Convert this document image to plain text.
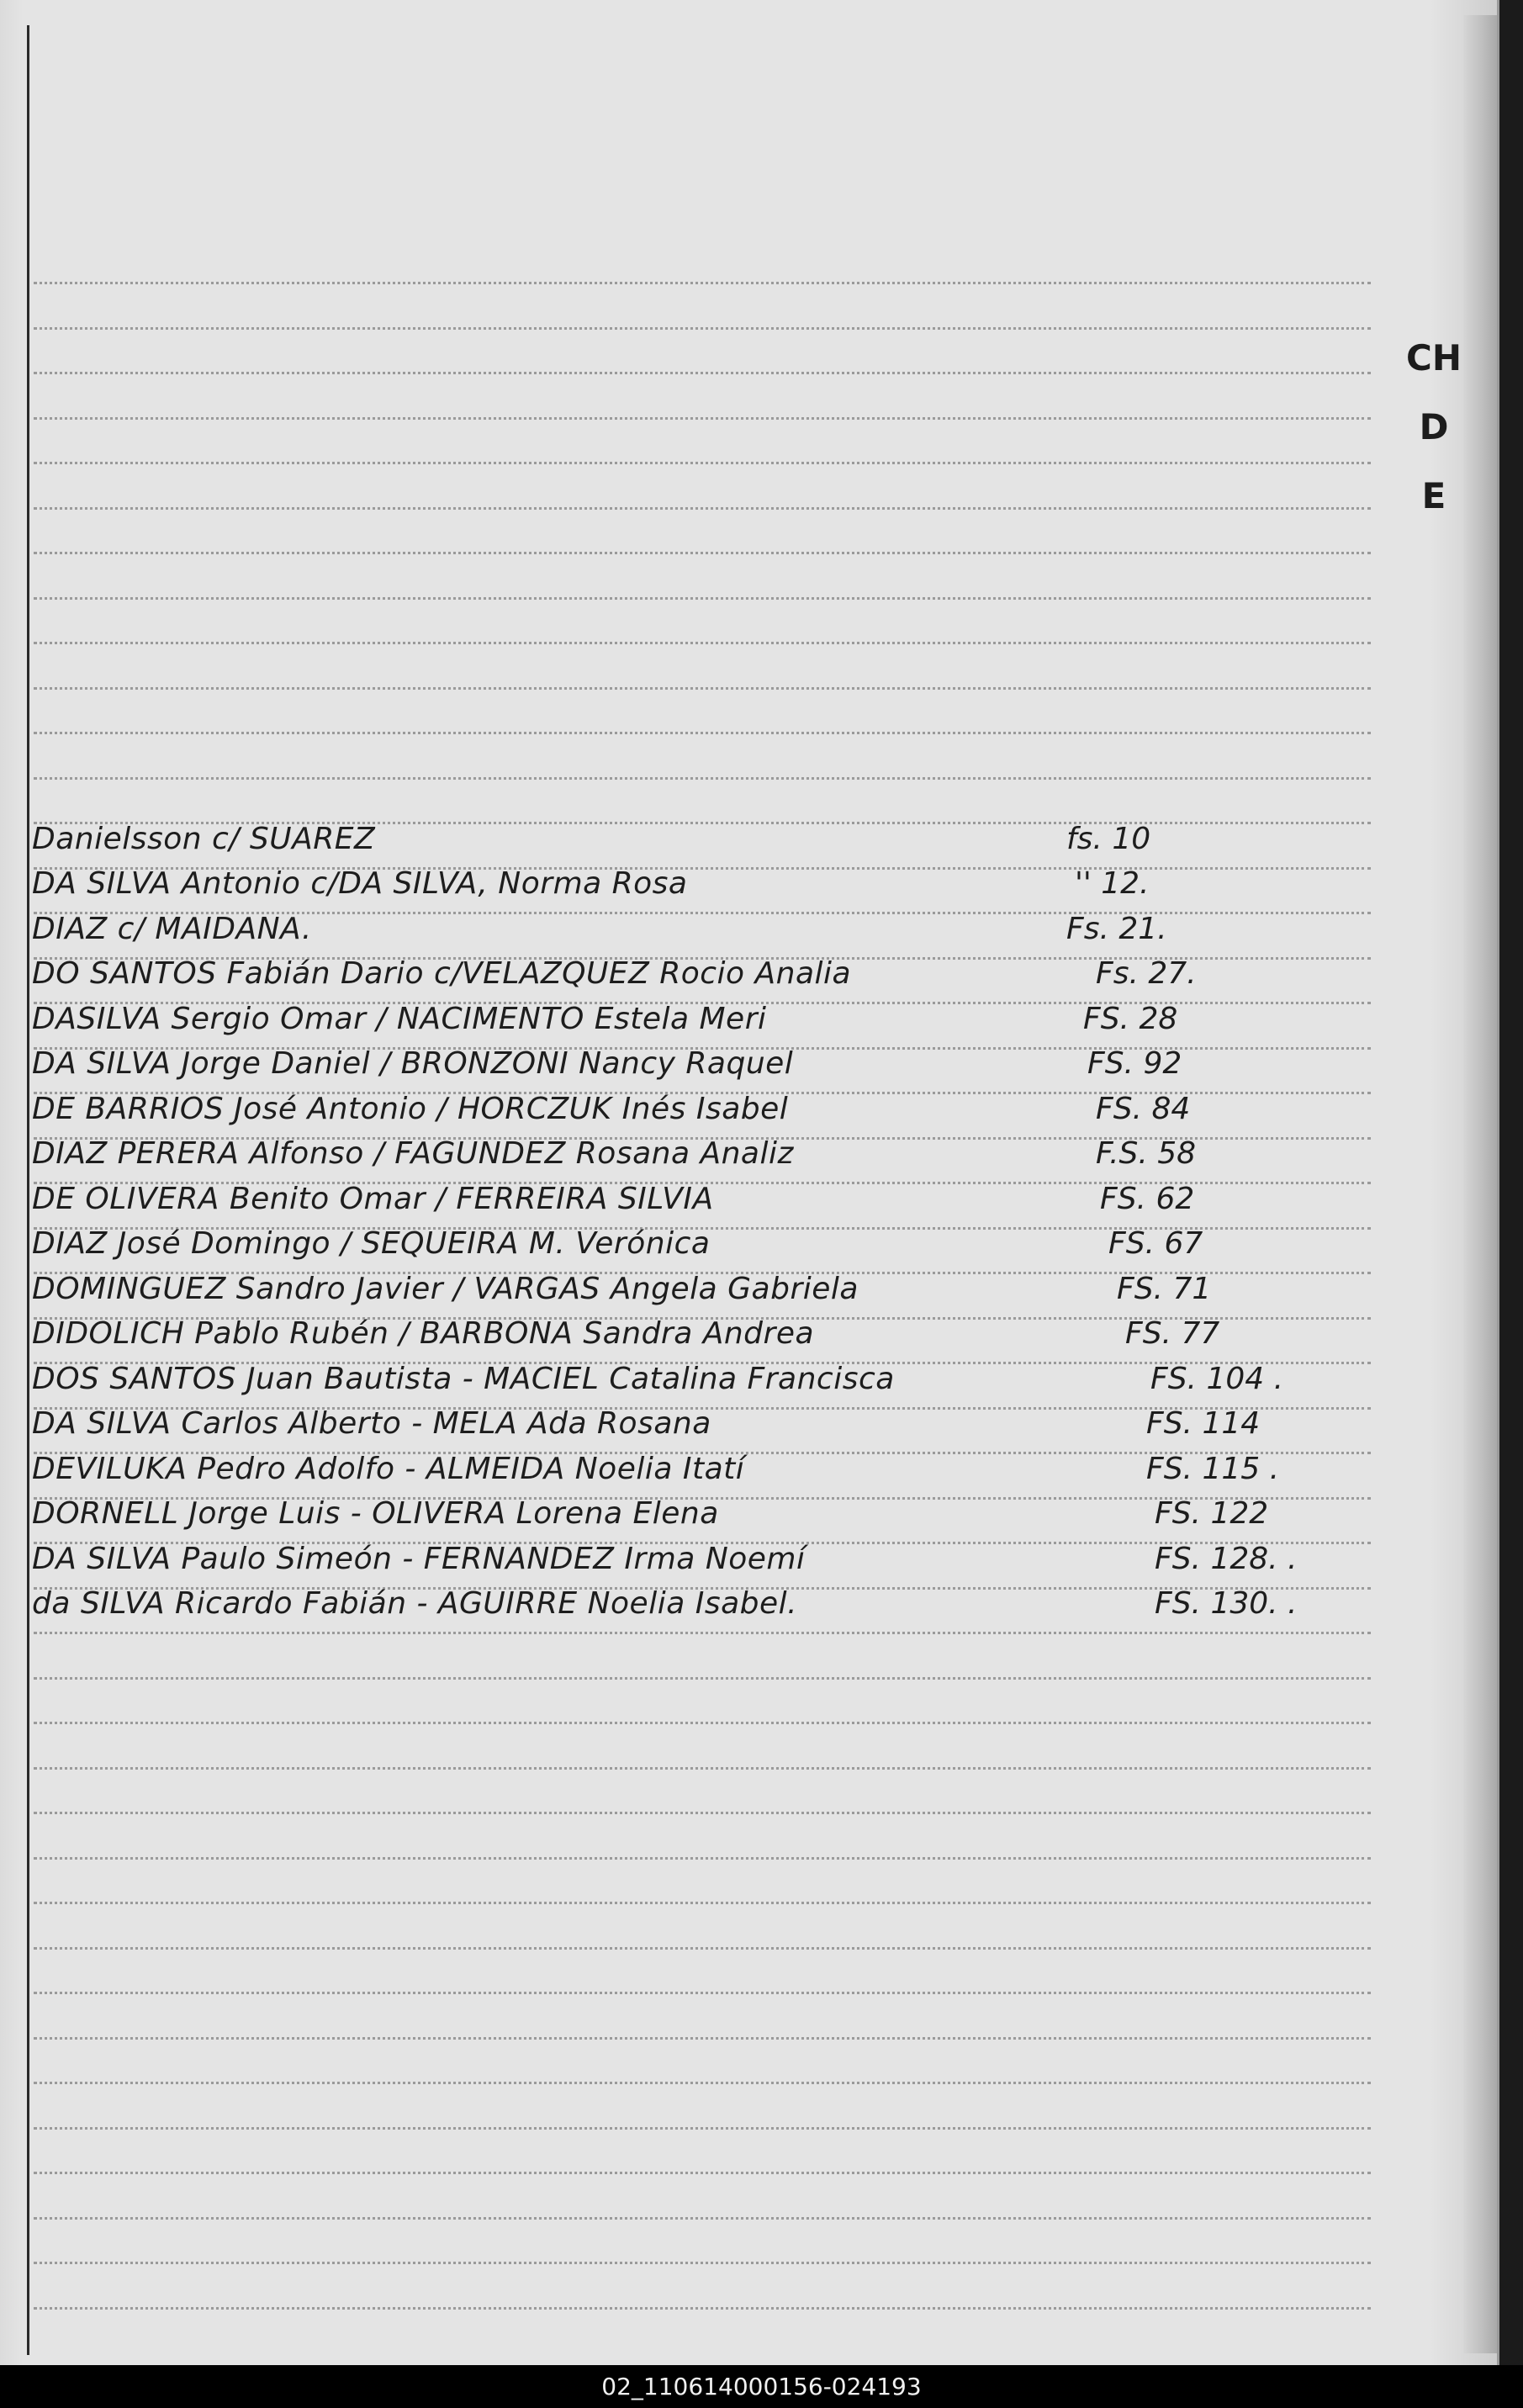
CH
D
E
Danielsson c/ SUAREZ	fs. 10
DA SILVA Antonio c/DA SILVA, Norma Rosa	'' 12.
DIAZ c/ MAIDANA.	Fs. 21.
DO SANTOS Fabián Dario c/VELAZQUEZ Rocio Analia	Fs. 27.
DASILVA Sergio Omar / NACIMENTO Estela Meri	FS. 28
DA SILVA Jorge Daniel / BRONZONI Nancy Raquel	FS. 92
DE BARRIOS José Antonio / HORCZUK Inés Isabel	FS. 84
DIAZ PERERA Alfonso / FAGUNDEZ Rosana Analiz	F.S. 58
DE OLIVERA Benito Omar / FERREIRA SILVIA	FS. 62
DIAZ José Domingo / SEQUEIRA M. Verónica	FS. 67
DOMINGUEZ Sandro Javier / VARGAS Angela Gabriela	FS. 71
DIDOLICH Pablo Rubén / BARBONA Sandra Andrea	FS. 77
DOS SANTOS Juan Bautista - MACIEL Catalina Francisca	FS. 104 .
DA SILVA Carlos Alberto - MELA Ada Rosana	FS. 114
DEVILUKA Pedro Adolfo - ALMEIDA Noelia Itatí	FS. 115 .
DORNELL Jorge Luis - OLIVERA Lorena Elena	FS. 122
DA SILVA Paulo Simeón - FERNANDEZ Irma Noemí	FS. 128. .
da SILVA Ricardo Fabián - AGUIRRE Noelia Isabel.	FS. 130. .
02_110614000156-024193
